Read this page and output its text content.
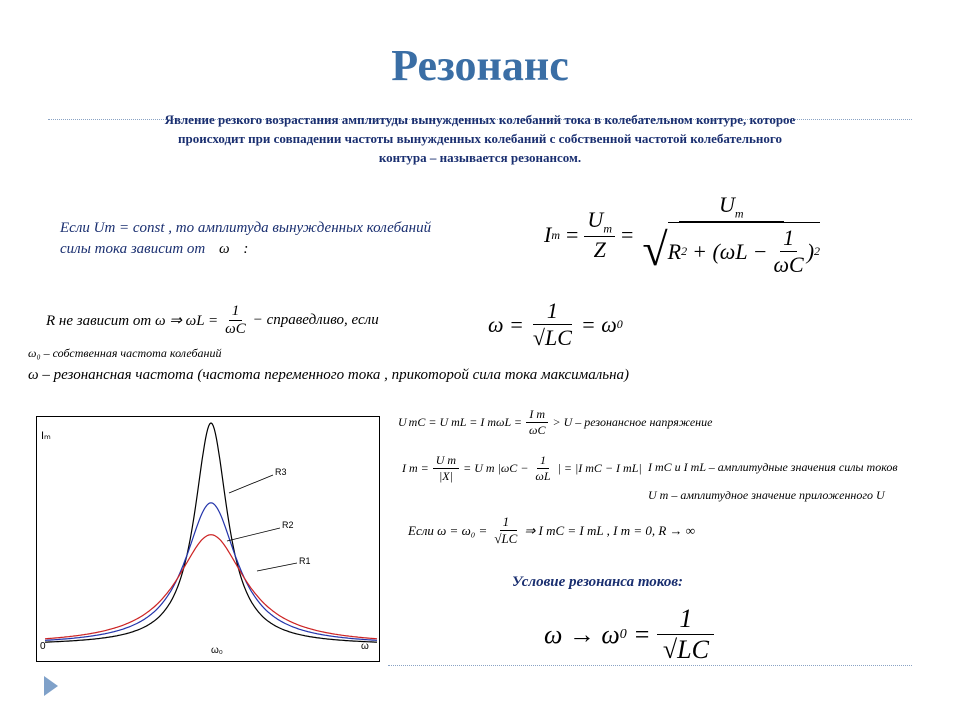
Резонанс
Явление резкого возрастания амплитуды вынужденных колебаний тока в колебательном контуре, которое
происходит при совпадении частоты вынужденных колебаний с собственной частотой колебательного
контура – называется резонансом.
Если Um = const , то амплитуда вынужденных колебаний
силы тока зависит от ω :
I $m = \frac{U_m}{Z}$ =
$U_m$
√ R $2 + (\omega L - \frac{1}{\omega C}$ ) 2
R не зависит от ω ⇒ $\omega L = \frac{1}{\omega C}$ − справедливо, если	$\omega = \frac{1}{√LC} = \omega$ 0
ω₀ – собственная частота колебаний
ω – резонансная частота (частота переменного тока , прикоторой сила тока максимальна)
Iₘ
0	ω₀	ω
R3
R2
R1
U mC = U mL = I $m\omega L = \frac{\text{I m}}{\omega C} > U$ – резонансное напряжение
I $m = \frac{\text{U m}}{|X|} = U$ m $|\omega C - \frac{1}{\omega L}$ | = |I mC − I mL| I mC и I mL – амплитудные значения силы токов
U m – амплитудное значение приложенного U
Если $\omega = \omega_0 = \frac{1}{√LC}$ ⇒ I mC = I mL , I m = 0, R → ∞
Условие резонанса токов:
ω → ω $0 = \frac{1}{√LC}$
